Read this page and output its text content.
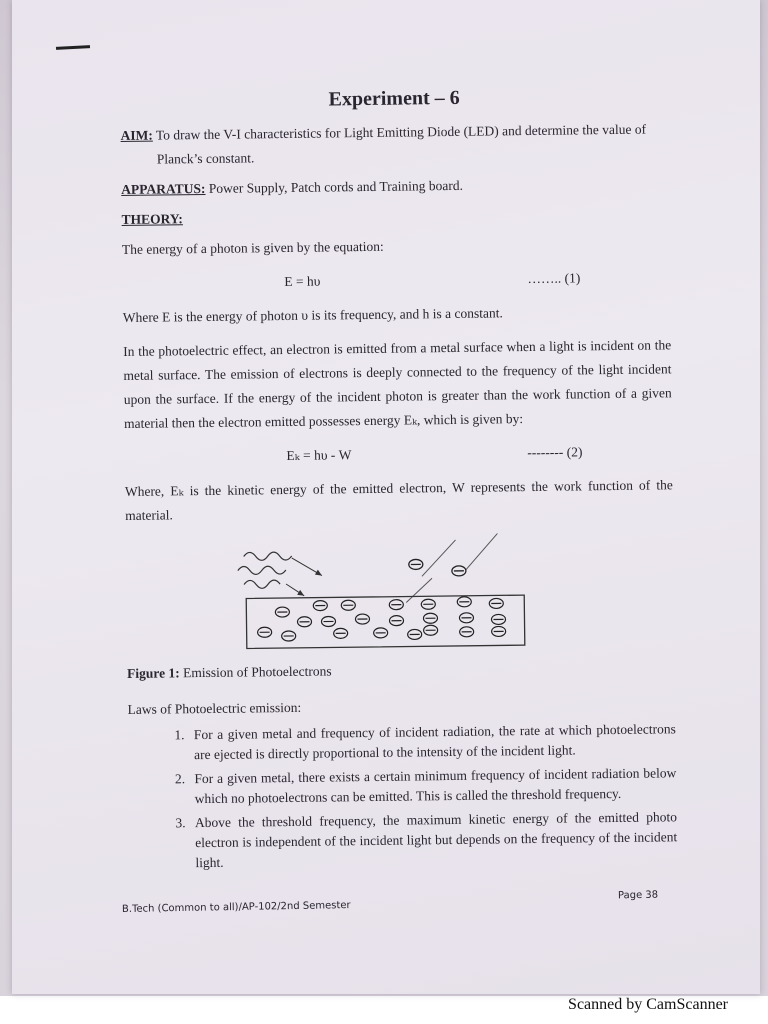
Experiment – 6
AIM: To draw the V-I characteristics for Light Emitting Diode (LED) and determine the value of Planck’s constant.
APPARATUS: Power Supply, Patch cords and Training board.
THEORY:

The energy of a photon is given by the equation:

E = hυ	…….. (1)

Where E is the energy of photon υ is its frequency, and h is a constant.

In the photoelectric effect, an electron is emitted from a metal surface when a light is incident on the metal surface. The emission of electrons is deeply connected to the frequency of the light incident upon the surface. If the energy of the incident photon is greater than the work function of a given material then the electron emitted possesses energy Eₖ, which is given by:

Eₖ = hυ - W	-------- (2)

Where, Eₖ is the kinetic energy of the emitted electron, W represents the work function of the material.

Figure 1: Emission of Photoelectrons

Laws of Photoelectric emission:

1. For a given metal and frequency of incident radiation, the rate at which photoelectrons are ejected is directly proportional to the intensity of the incident light.
2. For a given metal, there exists a certain minimum frequency of incident radiation below which no photoelectrons can be emitted. This is called the threshold frequency.
3. Above the threshold frequency, the maximum kinetic energy of the emitted photo electron is independent of the incident light but depends on the frequency of the incident light.
B.Tech (Common to all)/AP-102/2nd Semester
Page 38
Scanned by CamScanner
